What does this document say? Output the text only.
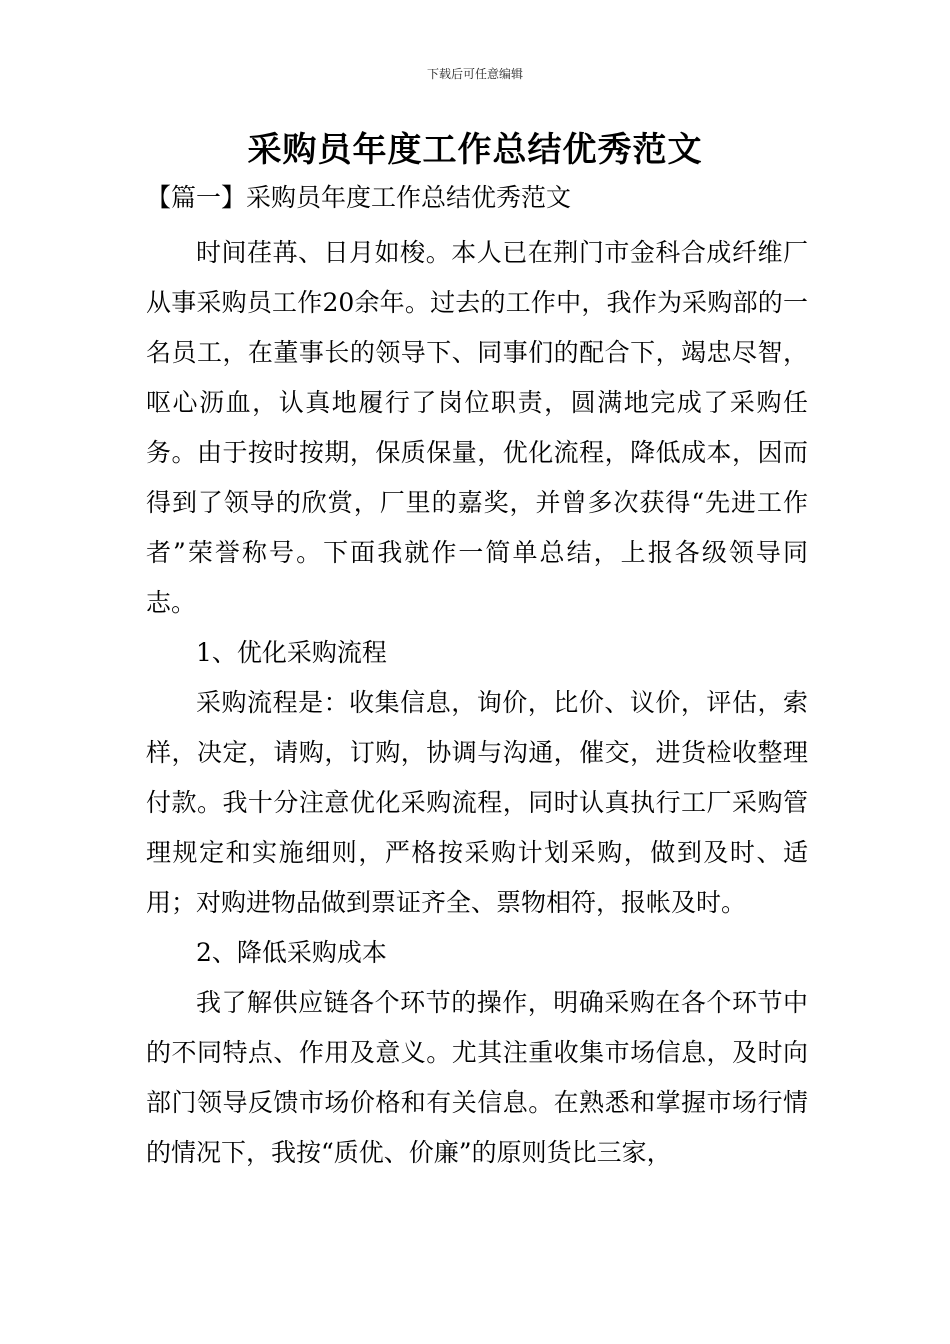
下载后可任意编辑
采购员年度工作总结优秀范文
【篇一】采购员年度工作总结优秀范文

时间荏苒、日月如梭。本人已在荆门市金科合成纤维厂从事采购员工作20余年。过去的工作中，我作为采购部的一名员工，在董事长的领导下、同事们的配合下，竭忠尽智，呕心沥血，认真地履行了岗位职责，圆满地完成了采购任务。由于按时按期，保质保量，优化流程，降低成本，因而得到了领导的欣赏，厂里的嘉奖，并曾多次获得“先进工作者”荣誉称号。下面我就作一简单总结，上报各级领导同志。

1、优化采购流程

采购流程是：收集信息，询价，比价、议价，评估，索样，决定，请购，订购，协调与沟通，催交，进货检收整理付款。我十分注意优化采购流程，同时认真执行工厂采购管理规定和实施细则，严格按采购计划采购，做到及时、适用；对购进物品做到票证齐全、票物相符，报帐及时。

2、降低采购成本

我了解供应链各个环节的操作，明确采购在各个环节中的不同特点、作用及意义。尤其注重收集市场信息，及时向部门领导反馈市场价格和有关信息。在熟悉和掌握市场行情的情况下，我按“质优、价廉”的原则货比三家，
